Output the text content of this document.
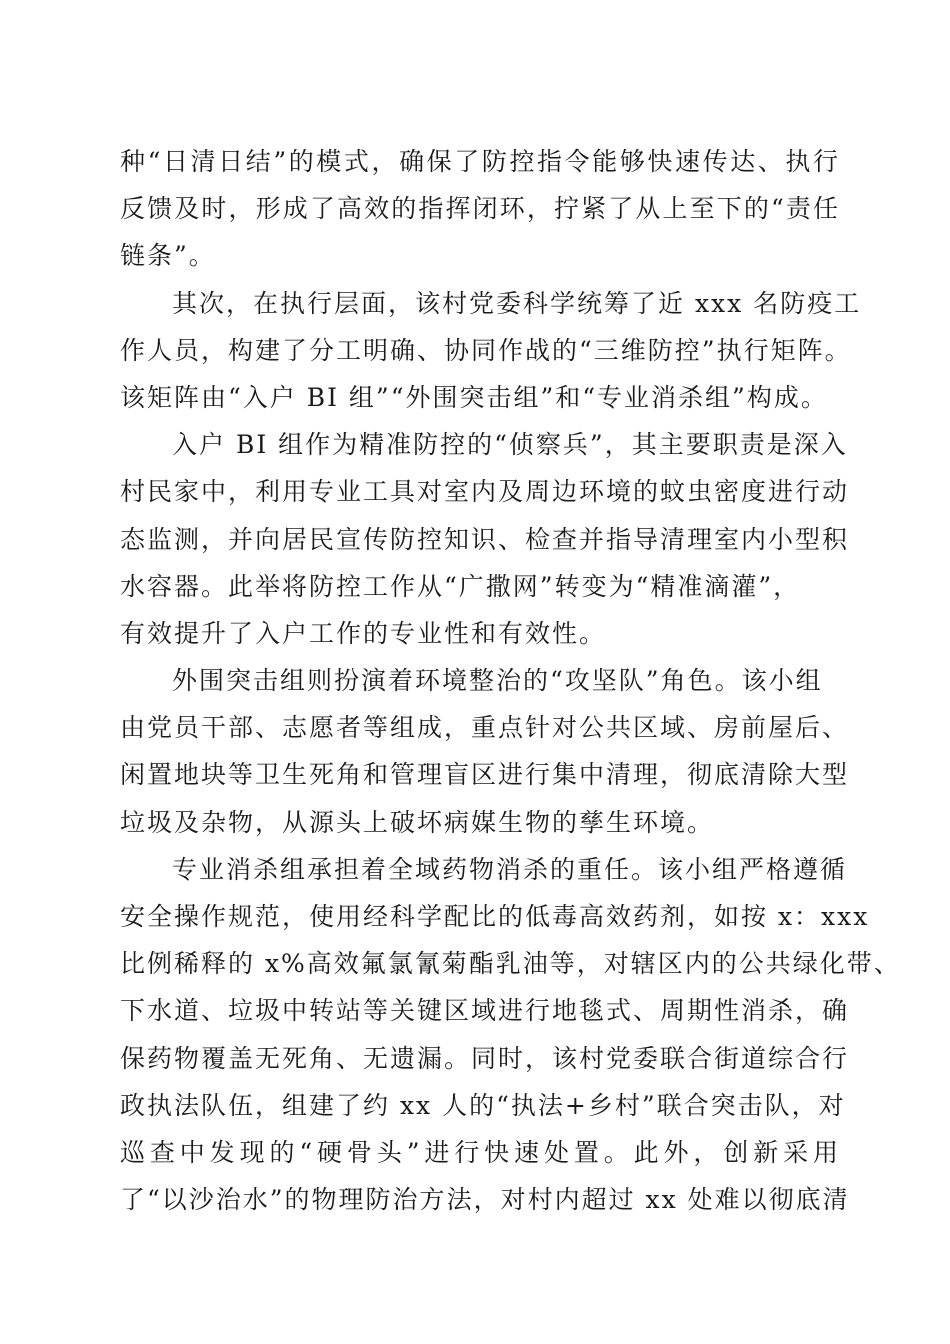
种“日清日结”的模式，确保了防控指令能够快速传达、执行
反馈及时，形成了高效的指挥闭环，拧紧了从上至下的“责任
链条”。
其次，在执行层面，该村党委科学统筹了近 xxx 名防疫工
作人员，构建了分工明确、协同作战的“三维防控”执行矩阵。
该矩阵由“入户 BI 组”“外围突击组”和“专业消杀组”构成。
入户 BI 组作为精准防控的“侦察兵”，其主要职责是深入
村民家中，利用专业工具对室内及周边环境的蚊虫密度进行动
态监测，并向居民宣传防控知识、检查并指导清理室内小型积
水容器。此举将防控工作从“广撒网”转变为“精准滴灌”，
有效提升了入户工作的专业性和有效性。
外围突击组则扮演着环境整治的“攻坚队”角色。该小组
由党员干部、志愿者等组成，重点针对公共区域、房前屋后、
闲置地块等卫生死角和管理盲区进行集中清理，彻底清除大型
垃圾及杂物，从源头上破坏病媒生物的孳生环境。
专业消杀组承担着全域药物消杀的重任。该小组严格遵循
安全操作规范，使用经科学配比的低毒高效药剂，如按 x：xxx
比例稀释的 x%高效氟氯氰菊酯乳油等，对辖区内的公共绿化带、
下水道、垃圾中转站等关键区域进行地毯式、周期性消杀，确
保药物覆盖无死角、无遗漏。同时，该村党委联合街道综合行
政执法队伍，组建了约 xx 人的“执法+乡村”联合突击队，对
巡查中发现的“硬骨头”进行快速处置。此外，创新采用
了“以沙治水”的物理防治方法，对村内超过 xx 处难以彻底清
